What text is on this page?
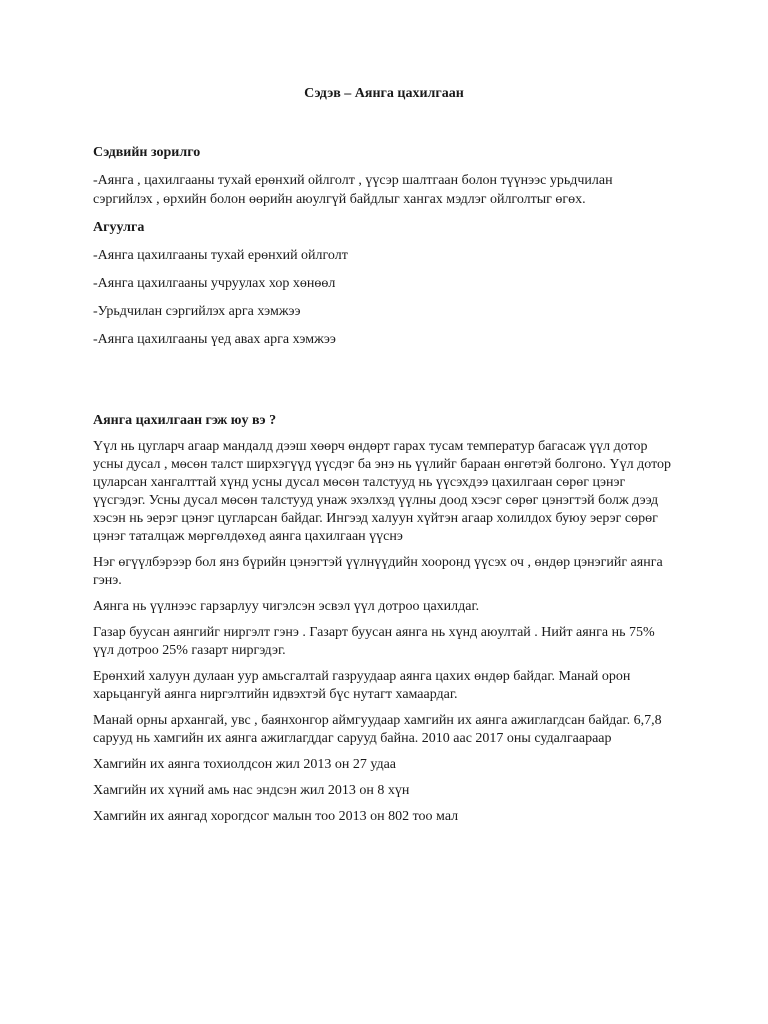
Сэдэв – Аянга цахилгаан

Сэдвийн зорилго

-Аянга , цахилгааны тухай ерөнхий ойлголт , үүсэр шалтгаан болон түүнээс урьдчилан сэргийлэх , өрхийн болон өөрийн аюулгүй байдлыг хангах мэдлэг ойлголтыг өгөх.

Агуулга

-Аянга цахилгааны тухай ерөнхий ойлголт

-Аянга цахилгааны учруулах хор хөнөөл

-Урьдчилан сэргийлэх арга хэмжээ

-Аянга цахилгааны үед авах арга хэмжээ

Аянга цахилгаан гэж юу вэ ?

Үүл нь цугларч агаар мандалд дээш хөөрч өндөрт гарах тусам температур багасаж үүл дотор усны дусал , мөсөн талст ширхэгүүд үүсдэг ба энэ нь үүлийг бараан өнгөтэй болгоно. Үүл дотор цуларсан хангалттай хүнд усны дусал мөсөн талстууд нь үүсэхдээ цахилгаан сөрөг цэнэг үүсгэдэг. Усны дусал мөсөн талстууд унаж эхэлхэд үүлны доод хэсэг сөрөг цэнэгтэй болж дээд хэсэн нь эерэг цэнэг цугларсан байдаг. Ингээд халуун хүйтэн агаар холилдох буюу эерэг сөрөг цэнэг таталцаж мөргөлдөхөд аянга цахилгаан үүснэ

Нэг өгүүлбэрээр бол янз бүрийн цэнэгтэй үүлнүүдийн хооронд үүсэх оч , өндөр цэнэгийг аянга гэнэ.

Аянга нь үүлнээс гарзарлуу чигэлсэн эсвэл үүл дотроо цахилдаг.

Газар буусан аянгийг ниргэлт гэнэ . Газарт буусан аянга нь хүнд аюултай . Нийт аянга нь 75% үүл дотроо 25% газарт ниргэдэг.

Ерөнхий халуун дулаан уур амьсгалтай газруудаар аянга цахих өндөр байдаг. Манай орон харьцангуй аянга ниргэлтийн идвэхтэй бүс нутагт хамаардаг.

Манай орны архангай, увс , баянхонгор аймгуудаар хамгийн их аянга ажиглагдсан байдаг. 6,7,8 сарууд нь хамгийн их аянга ажиглагддаг сарууд байна. 2010 аас 2017 оны судалгаараар

Хамгийн их аянга тохиолдсон жил 2013 он 27 удаа

Хамгийн их хүний амь нас эндсэн жил 2013 он 8 хүн

Хамгийн их аянгад хорогдсог малын тоо 2013 он 802 тоо мал
